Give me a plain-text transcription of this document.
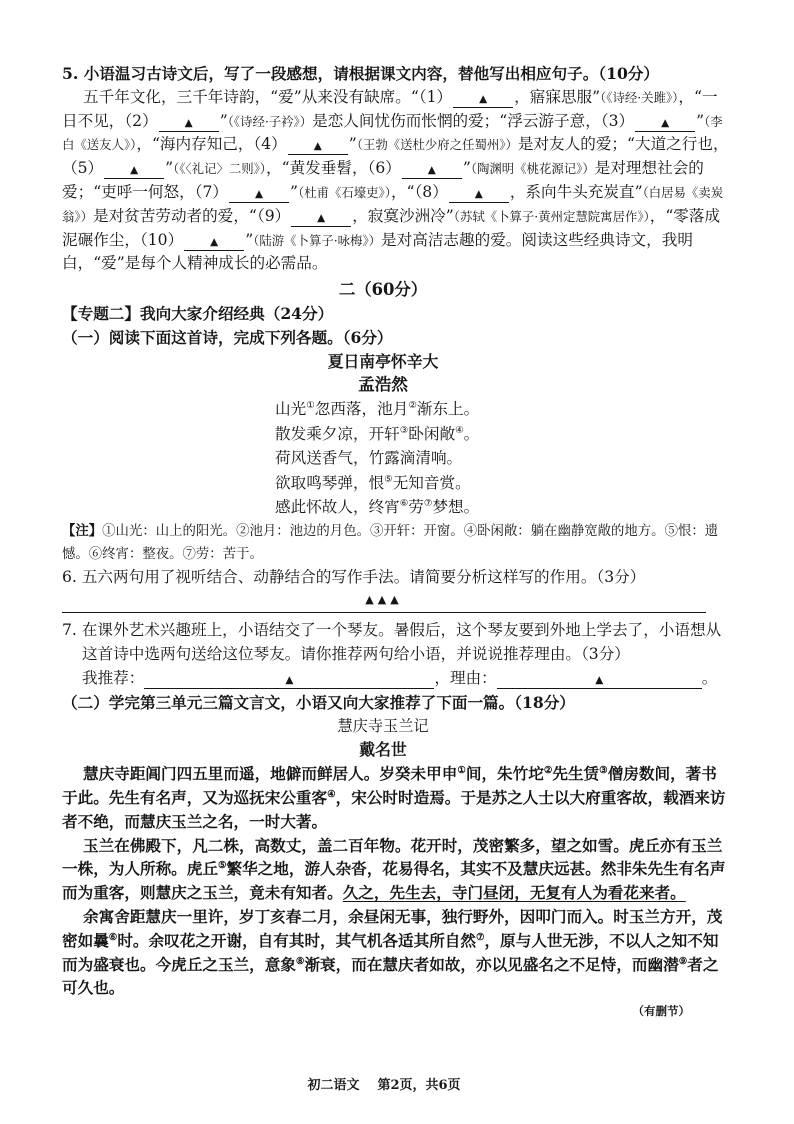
5. 小语温习古诗文后，写了一段感想，请根据课文内容，替他写出相应句子。（10分）

五千年文化，三千年诗韵，“爱”从来没有缺席。“（1）	▲ ，寤寐思服”（《诗经·关雎》），“一日不见，（2）	▲ ”（《诗经·子衿》）是恋人间忧伤而怅惘的爱；“浮云游子意，（3）	▲ ”（李白《送友人》），“海内存知己，（4）	▲ ”（王勃《送杜少府之任蜀州》）是对友人的爱；“大道之行也，（5）	▲ ”（《〈礼记〉二则》），“黄发垂髫，（6）	▲ ”（陶渊明《桃花源记》）是对理想社会的爱；“吏呼一何怒，（7）	▲ ”（杜甫《石壕吏》），“（8）	▲ ，系向牛头充炭直”（白居易《卖炭翁》）是对贫苦劳动者的爱，“（9）	▲ ，寂寞沙洲冷”（苏轼《卜算子·黄州定慧院寓居作》），“零落成泥碾作尘，（10）	▲ ”（陆游《卜算子·咏梅》）是对高洁志趣的爱。阅读这些经典诗文，我明白，“爱”是每个人精神成长的必需品。

二（60分）

【专题二】我向大家介绍经典（24分）

（一）阅读下面这首诗，完成下列各题。（6分）

夏日南亭怀辛大

孟浩然

山光①忽西落，池月②渐东上。

散发乘夕凉，开轩③卧闲敞④。

荷风送香气，竹露滴清响。

欲取鸣琴弹，恨⑤无知音赏。

感此怀故人，终宵⑥劳⑦梦想。

【注】①山光：山上的阳光。②池月：池边的月色。③开轩：开窗。④卧闲敞：躺在幽静宽敞的地方。⑤恨：遗憾。⑥终宵：整夜。⑦劳：苦于。

6. 五六两句用了视听结合、动静结合的写作手法。请简要分析这样写的作用。（3分）

▲▲▲

7. 在课外艺术兴趣班上，小语结交了一个琴友。暑假后，这个琴友要到外地上学去了，小语想从这首诗中选两句送给这位琴友。请你推荐两句给小语，并说说推荐理由。（3分）

我推荐：	▲	，理由：	▲	。

（二）学完第三单元三篇文言文，小语又向大家推荐了下面一篇。（18分）

慧庆寺玉兰记

戴名世

慧庆寺距阊门四五里而遥，地僻而鲜居人。岁癸未甲申①间，朱竹坨②先生赁③僧房数间，著书于此。先生有名声，又为巡抚宋公重客④，宋公时时造焉。于是苏之人士以大府重客故，载酒来访者不绝，而慧庆玉兰之名，一时大著。

玉兰在佛殿下，凡二株，高数丈，盖二百年物。花开时，茂密繁多，望之如雪。虎丘亦有玉兰一株，为人所称。虎丘⑤繁华之地，游人杂沓，花易得名，其实不及慧庆远甚。然非朱先生有名声而为重客，则慧庆之玉兰，竟未有知者。久之，先生去，寺门昼闭，无复有人为看花来者。

余寓舍距慧庆一里许，岁丁亥春二月，余昼闲无事，独行野外，因叩门而入。时玉兰方开，茂密如曩⑥时。余叹花之开谢，自有其时，其气机各适其所自然⑦，原与人世无涉，不以人之知不知而为盛衰也。今虎丘之玉兰，意象⑧渐衰，而在慧庆者如故，亦以见盛名之不足恃，而幽潜⑨者之可久也。

（有删节）

初二语文 第2页，共6页
